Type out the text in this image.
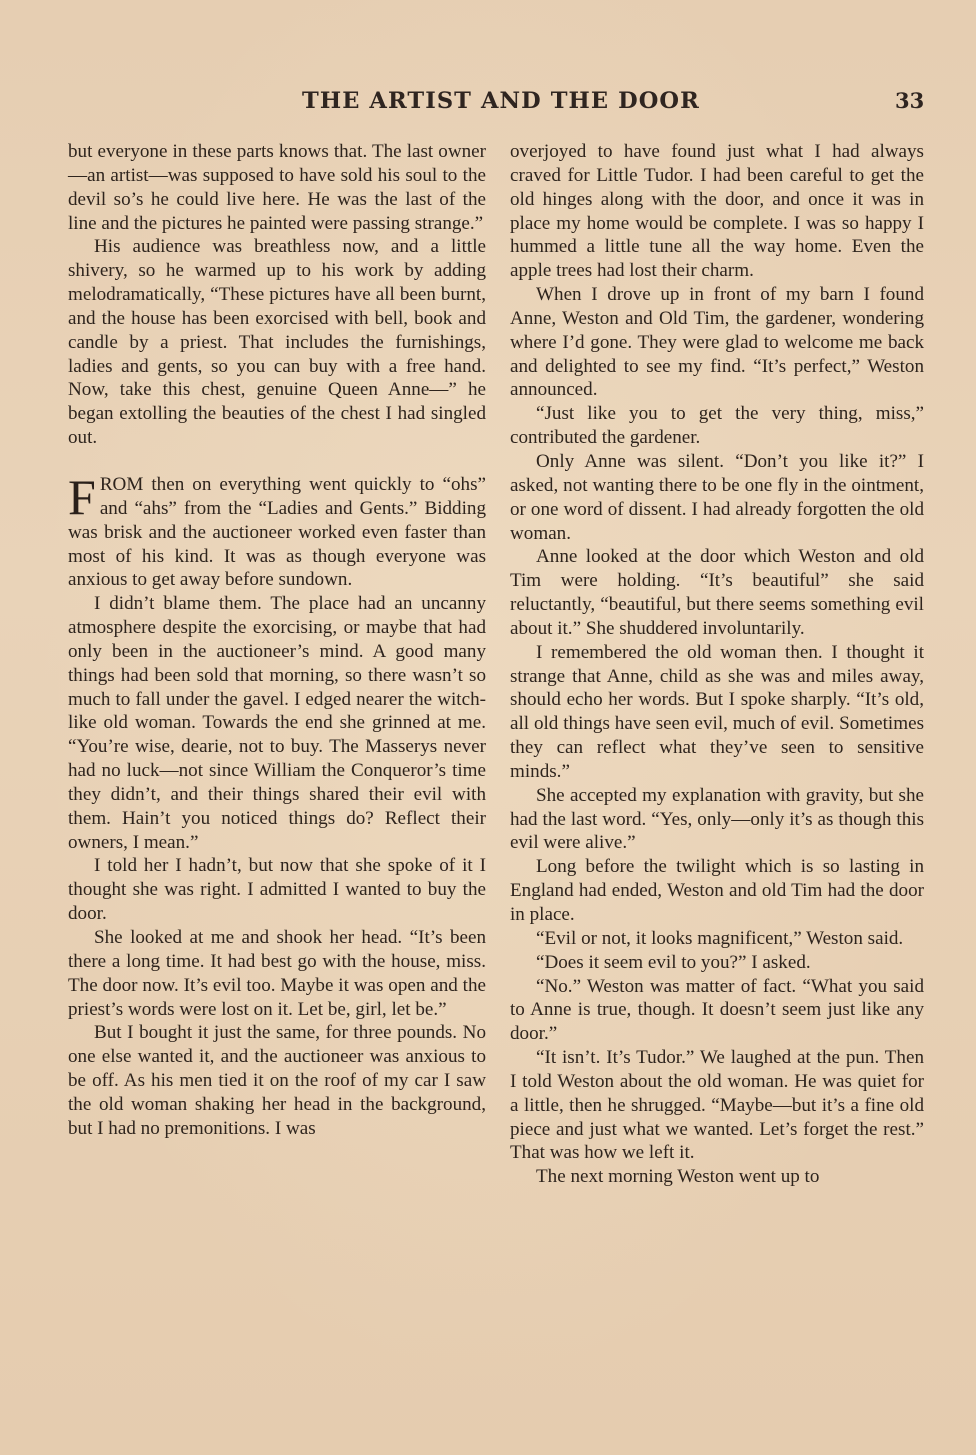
THE ARTIST AND THE DOOR	33

but everyone in these parts knows that. The last owner—an artist—was supposed to have sold his soul to the devil so’s he could live here. He was the last of the line and the pictures he painted were passing strange.”

His audience was breathless now, and a little shivery, so he warmed up to his work by adding melodramatically, “These pictures have all been burnt, and the house has been exorcised with bell, book and candle by a priest. That includes the furnishings, ladies and gents, so you can buy with a free hand. Now, take this chest, genuine Queen Anne—” he began extolling the beauties of the chest I had singled out.

FROM then on everything went quickly to “ohs” and “ahs” from the “Ladies and Gents.” Bidding was brisk and the auctioneer worked even faster than most of his kind. It was as though everyone was anxious to get away before sundown.

I didn’t blame them. The place had an uncanny atmosphere despite the exorcising, or maybe that had only been in the auctioneer’s mind. A good many things had been sold that morning, so there wasn’t so much to fall under the gavel. I edged nearer the witch-like old woman. Towards the end she grinned at me. “You’re wise, dearie, not to buy. The Masserys never had no luck—not since William the Conqueror’s time they didn’t, and their things shared their evil with them. Hain’t you noticed things do? Reflect their owners, I mean.”

I told her I hadn’t, but now that she spoke of it I thought she was right. I admitted I wanted to buy the door.

She looked at me and shook her head. “It’s been there a long time. It had best go with the house, miss. The door now. It’s evil too. Maybe it was open and the priest’s words were lost on it. Let be, girl, let be.”

But I bought it just the same, for three pounds. No one else wanted it, and the auctioneer was anxious to be off. As his men tied it on the roof of my car I saw the old woman shaking her head in the background, but I had no premonitions. I was

overjoyed to have found just what I had always craved for Little Tudor. I had been careful to get the old hinges along with the door, and once it was in place my home would be complete. I was so happy I hummed a little tune all the way home. Even the apple trees had lost their charm.

When I drove up in front of my barn I found Anne, Weston and Old Tim, the gardener, wondering where I’d gone. They were glad to welcome me back and delighted to see my find. “It’s perfect,” Weston announced.

“Just like you to get the very thing, miss,” contributed the gardener.

Only Anne was silent. “Don’t you like it?” I asked, not wanting there to be one fly in the ointment, or one word of dissent. I had already forgotten the old woman.

Anne looked at the door which Weston and old Tim were holding. “It’s beautiful” she said reluctantly, “beautiful, but there seems something evil about it.” She shuddered involuntarily.

I remembered the old woman then. I thought it strange that Anne, child as she was and miles away, should echo her words. But I spoke sharply. “It’s old, all old things have seen evil, much of evil. Sometimes they can reflect what they’ve seen to sensitive minds.”

She accepted my explanation with gravity, but she had the last word. “Yes, only—only it’s as though this evil were alive.”

Long before the twilight which is so lasting in England had ended, Weston and old Tim had the door in place.

“Evil or not, it looks magnificent,” Weston said.

“Does it seem evil to you?” I asked.

“No.” Weston was matter of fact. “What you said to Anne is true, though. It doesn’t seem just like any door.”

“It isn’t. It’s Tudor.” We laughed at the pun. Then I told Weston about the old woman. He was quiet for a little, then he shrugged. “Maybe—but it’s a fine old piece and just what we wanted. Let’s forget the rest.” That was how we left it.

The next morning Weston went up to
